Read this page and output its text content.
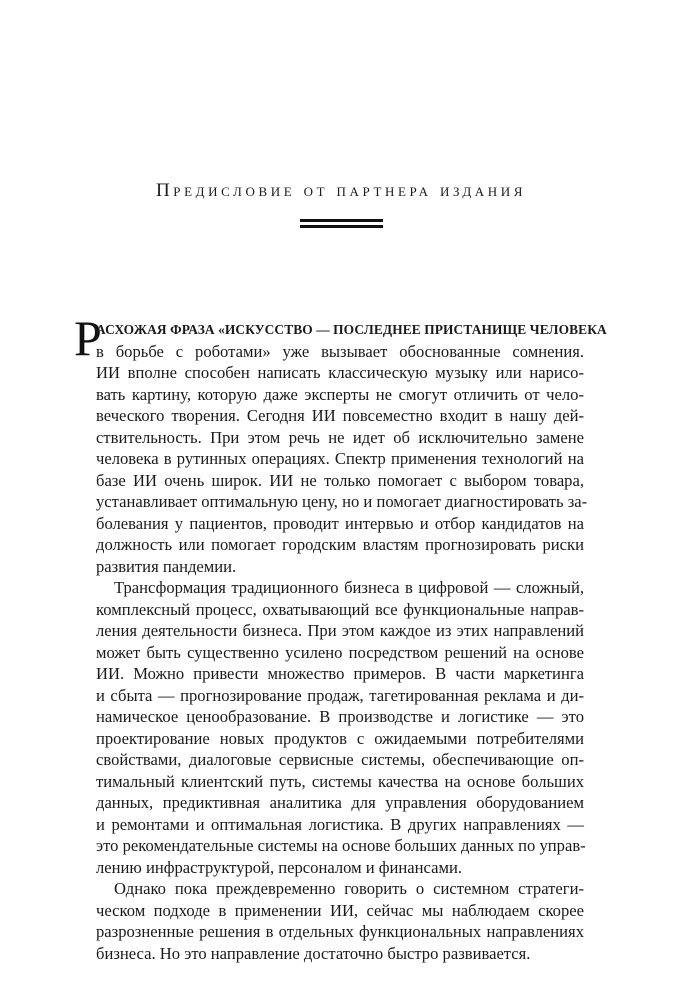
Предисловие от партнера издания
Р
АСХОЖАЯ ФРАЗА «ИСКУССТВО — ПОСЛЕДНЕЕ ПРИСТАНИЩЕ ЧЕЛОВЕКА
в борьбе с роботами» уже вызывает обоснованные сомнения.
ИИ вполне способен написать классическую музыку или нарисо-
вать картину, которую даже эксперты не смогут отличить от чело-
веческого творения. Сегодня ИИ повсеместно входит в нашу дей-
ствительность. При этом речь не идет об исключительно замене
человека в рутинных операциях. Спектр применения технологий на
базе ИИ очень широк. ИИ не только помогает с выбором товара,
устанавливает оптимальную цену, но и помогает диагностировать за-
болевания у пациентов, проводит интервью и отбор кандидатов на
должность или помогает городским властям прогнозировать риски
развития пандемии.
Трансформация традиционного бизнеса в цифровой — сложный,
комплексный процесс, охватывающий все функциональные направ-
ления деятельности бизнеса. При этом каждое из этих направлений
может быть существенно усилено посредством решений на основе
ИИ. Можно привести множество примеров. В части маркетинга
и сбыта — прогнозирование продаж, тагетированная реклама и ди-
намическое ценообразование. В производстве и логистике — это
проектирование новых продуктов с ожидаемыми потребителями
свойствами, диалоговые сервисные системы, обеспечивающие оп-
тимальный клиентский путь, системы качества на основе больших
данных, предиктивная аналитика для управления оборудованием
и ремонтами и оптимальная логистика. В других направлениях —
это рекомендательные системы на основе больших данных по управ-
лению инфраструктурой, персоналом и финансами.
Однако пока преждевременно говорить о системном стратеги-
ческом подходе в применении ИИ, сейчас мы наблюдаем скорее
разрозненные решения в отдельных функциональных направлениях
бизнеса. Но это направление достаточно быстро развивается.
